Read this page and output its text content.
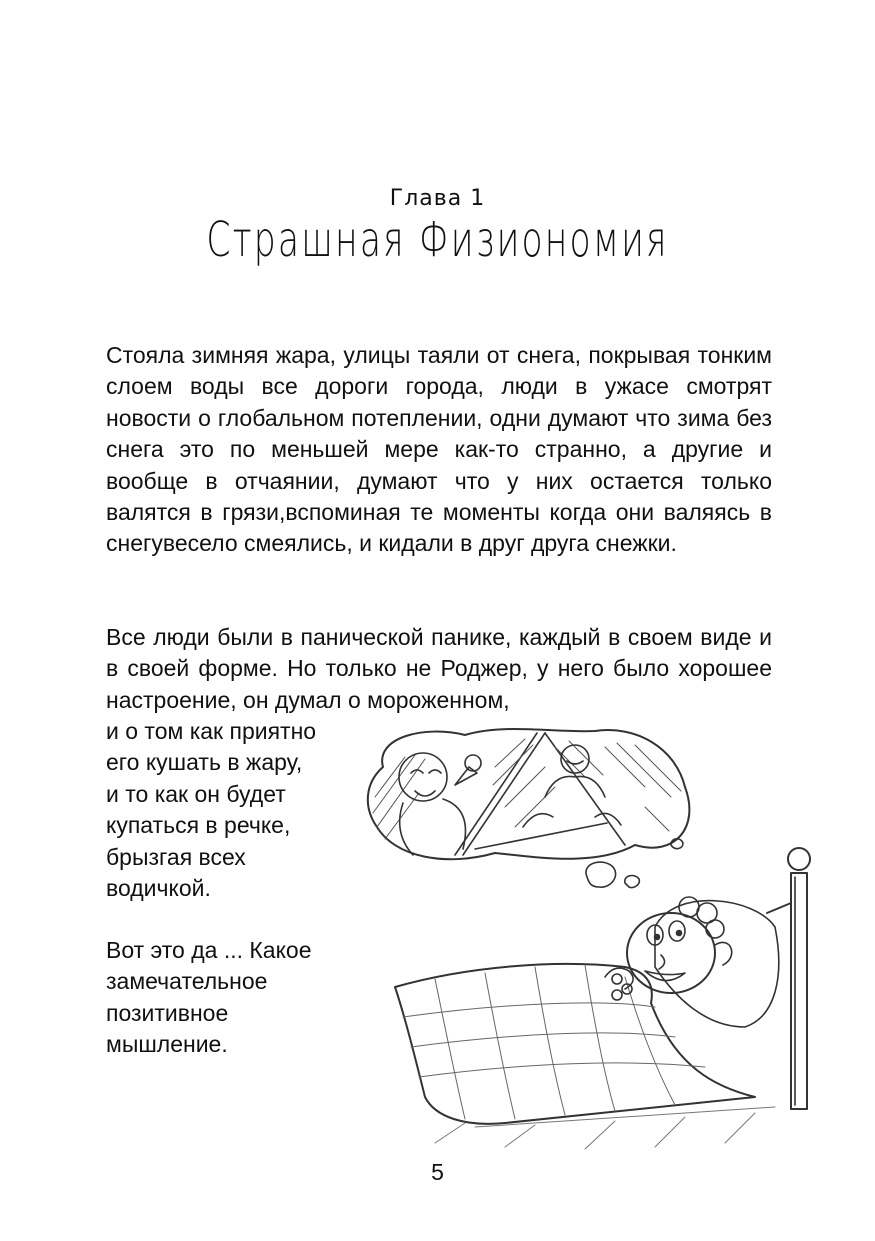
Глава 1
Страшная Физиономия

Стояла зимняя жара, улицы таяли от снега, покрывая тонким слоем воды все дороги города, люди в ужасе смотрят новости о глобальном потеплении, одни думают что зима без снега это по меньшей мере как-то странно, а другие и вообще в отчаянии, думают что у них остается только валятся в грязи,вспоминая те моменты когда они валяясь в снегувесело смеялись, и кидали в друг друга снежки.

Все люди были в панической панике, каждый в своем виде и в своей форме. Но только не Роджер, у него было хорошее настроение, он думал о мороженном,

и о том как приятно
его кушать в жару,
и то как он будет
купаться в речке,
брызгая всех
водичкой.
Вот это да ... Какое
замечательное
позитивное
мышление.
5
